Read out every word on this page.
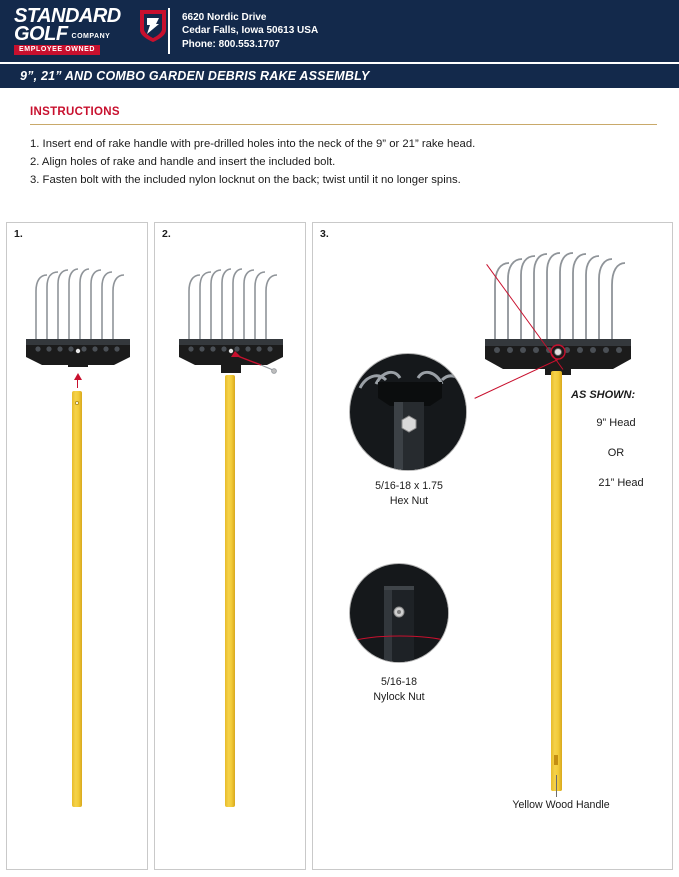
STANDARD
GOLF COMPANY
EMPLOYEE OWNED
6620 Nordic Drive
Cedar Falls, Iowa 50613 USA
Phone: 800.553.1707
9”, 21” AND COMBO GARDEN DEBRIS RAKE ASSEMBLY
INSTRUCTIONS
1. Insert end of rake handle with pre-drilled holes into the neck of the 9” or 21” rake head.
2. Align holes of rake and handle and insert the included bolt.
3. Fasten bolt with the included nylon locknut on the back; twist until it no longer spins.
1.	2.	3.
5/16-18 x 1.75
Hex Nut
5/16-18
Nylock Nut
AS SHOWN:
9” Head
OR
21” Head
Yellow Wood Handle
